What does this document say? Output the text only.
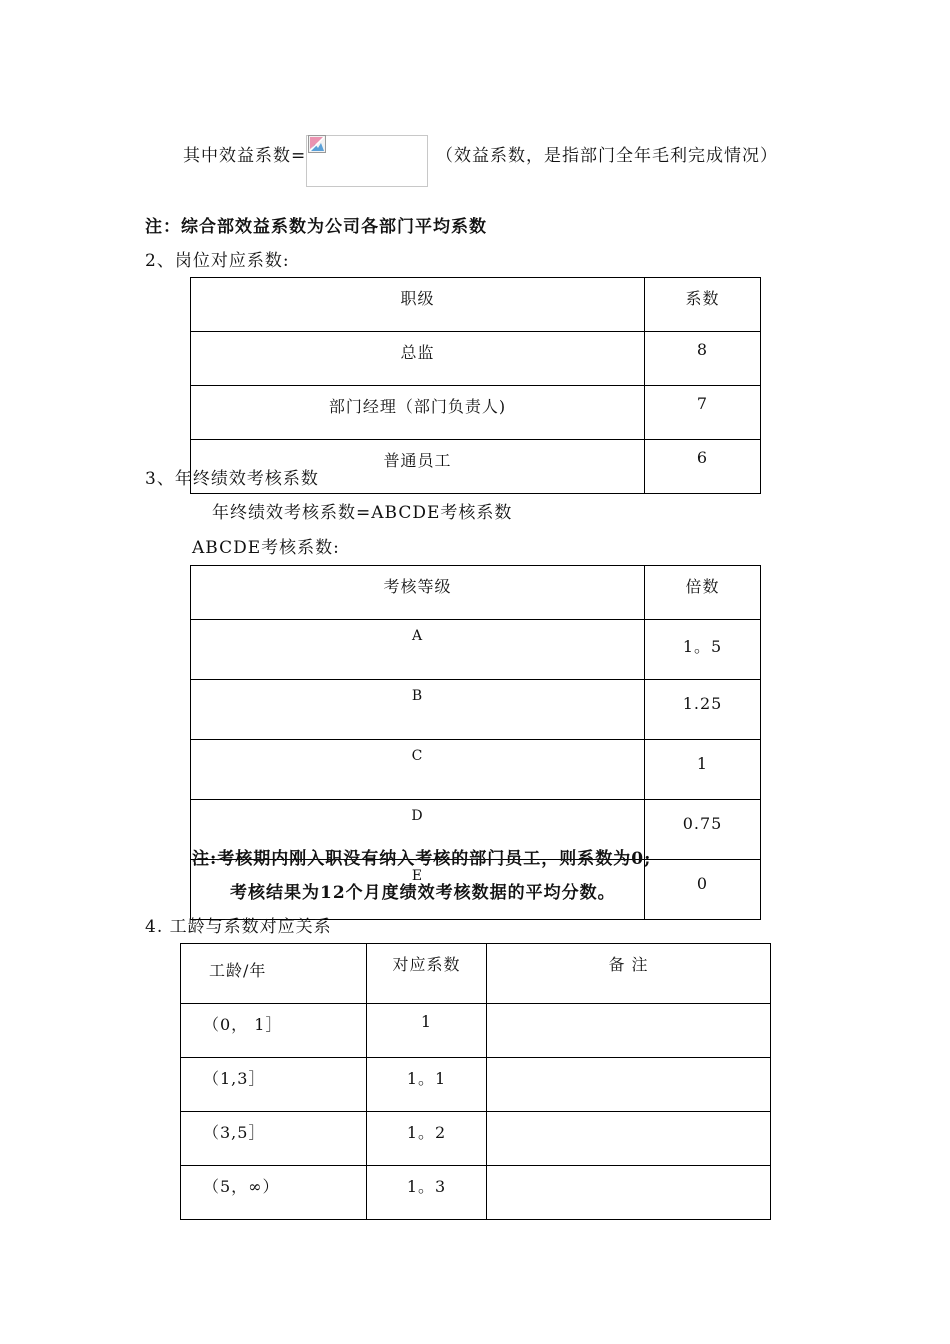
其中效益系数=	（效益系数，是指部门全年毛利完成情况）
注：综合部效益系数为公司各部门平均系数
2、岗位对应系数:
职级	系数
总监	8
部门经理（部门负责人)	7
普通员工	6
3、年终绩效考核系数
年终绩效考核系数=ABCDE考核系数
ABCDE考核系数:
考核等级	倍数
A	1。5
B	1.25
C	1
D	0.75
E	0
注:考核期内刚入职没有纳入考核的部门员工，则系数为0;
考核结果为12个月度绩效考核数据的平均分数。
4. 工龄与系数对应关系
工龄/年	对应系数	备 注
（0， 1］	1	
（1,3］	1。1	
（3,5］	1。2	
（5，∞）	1。3	
